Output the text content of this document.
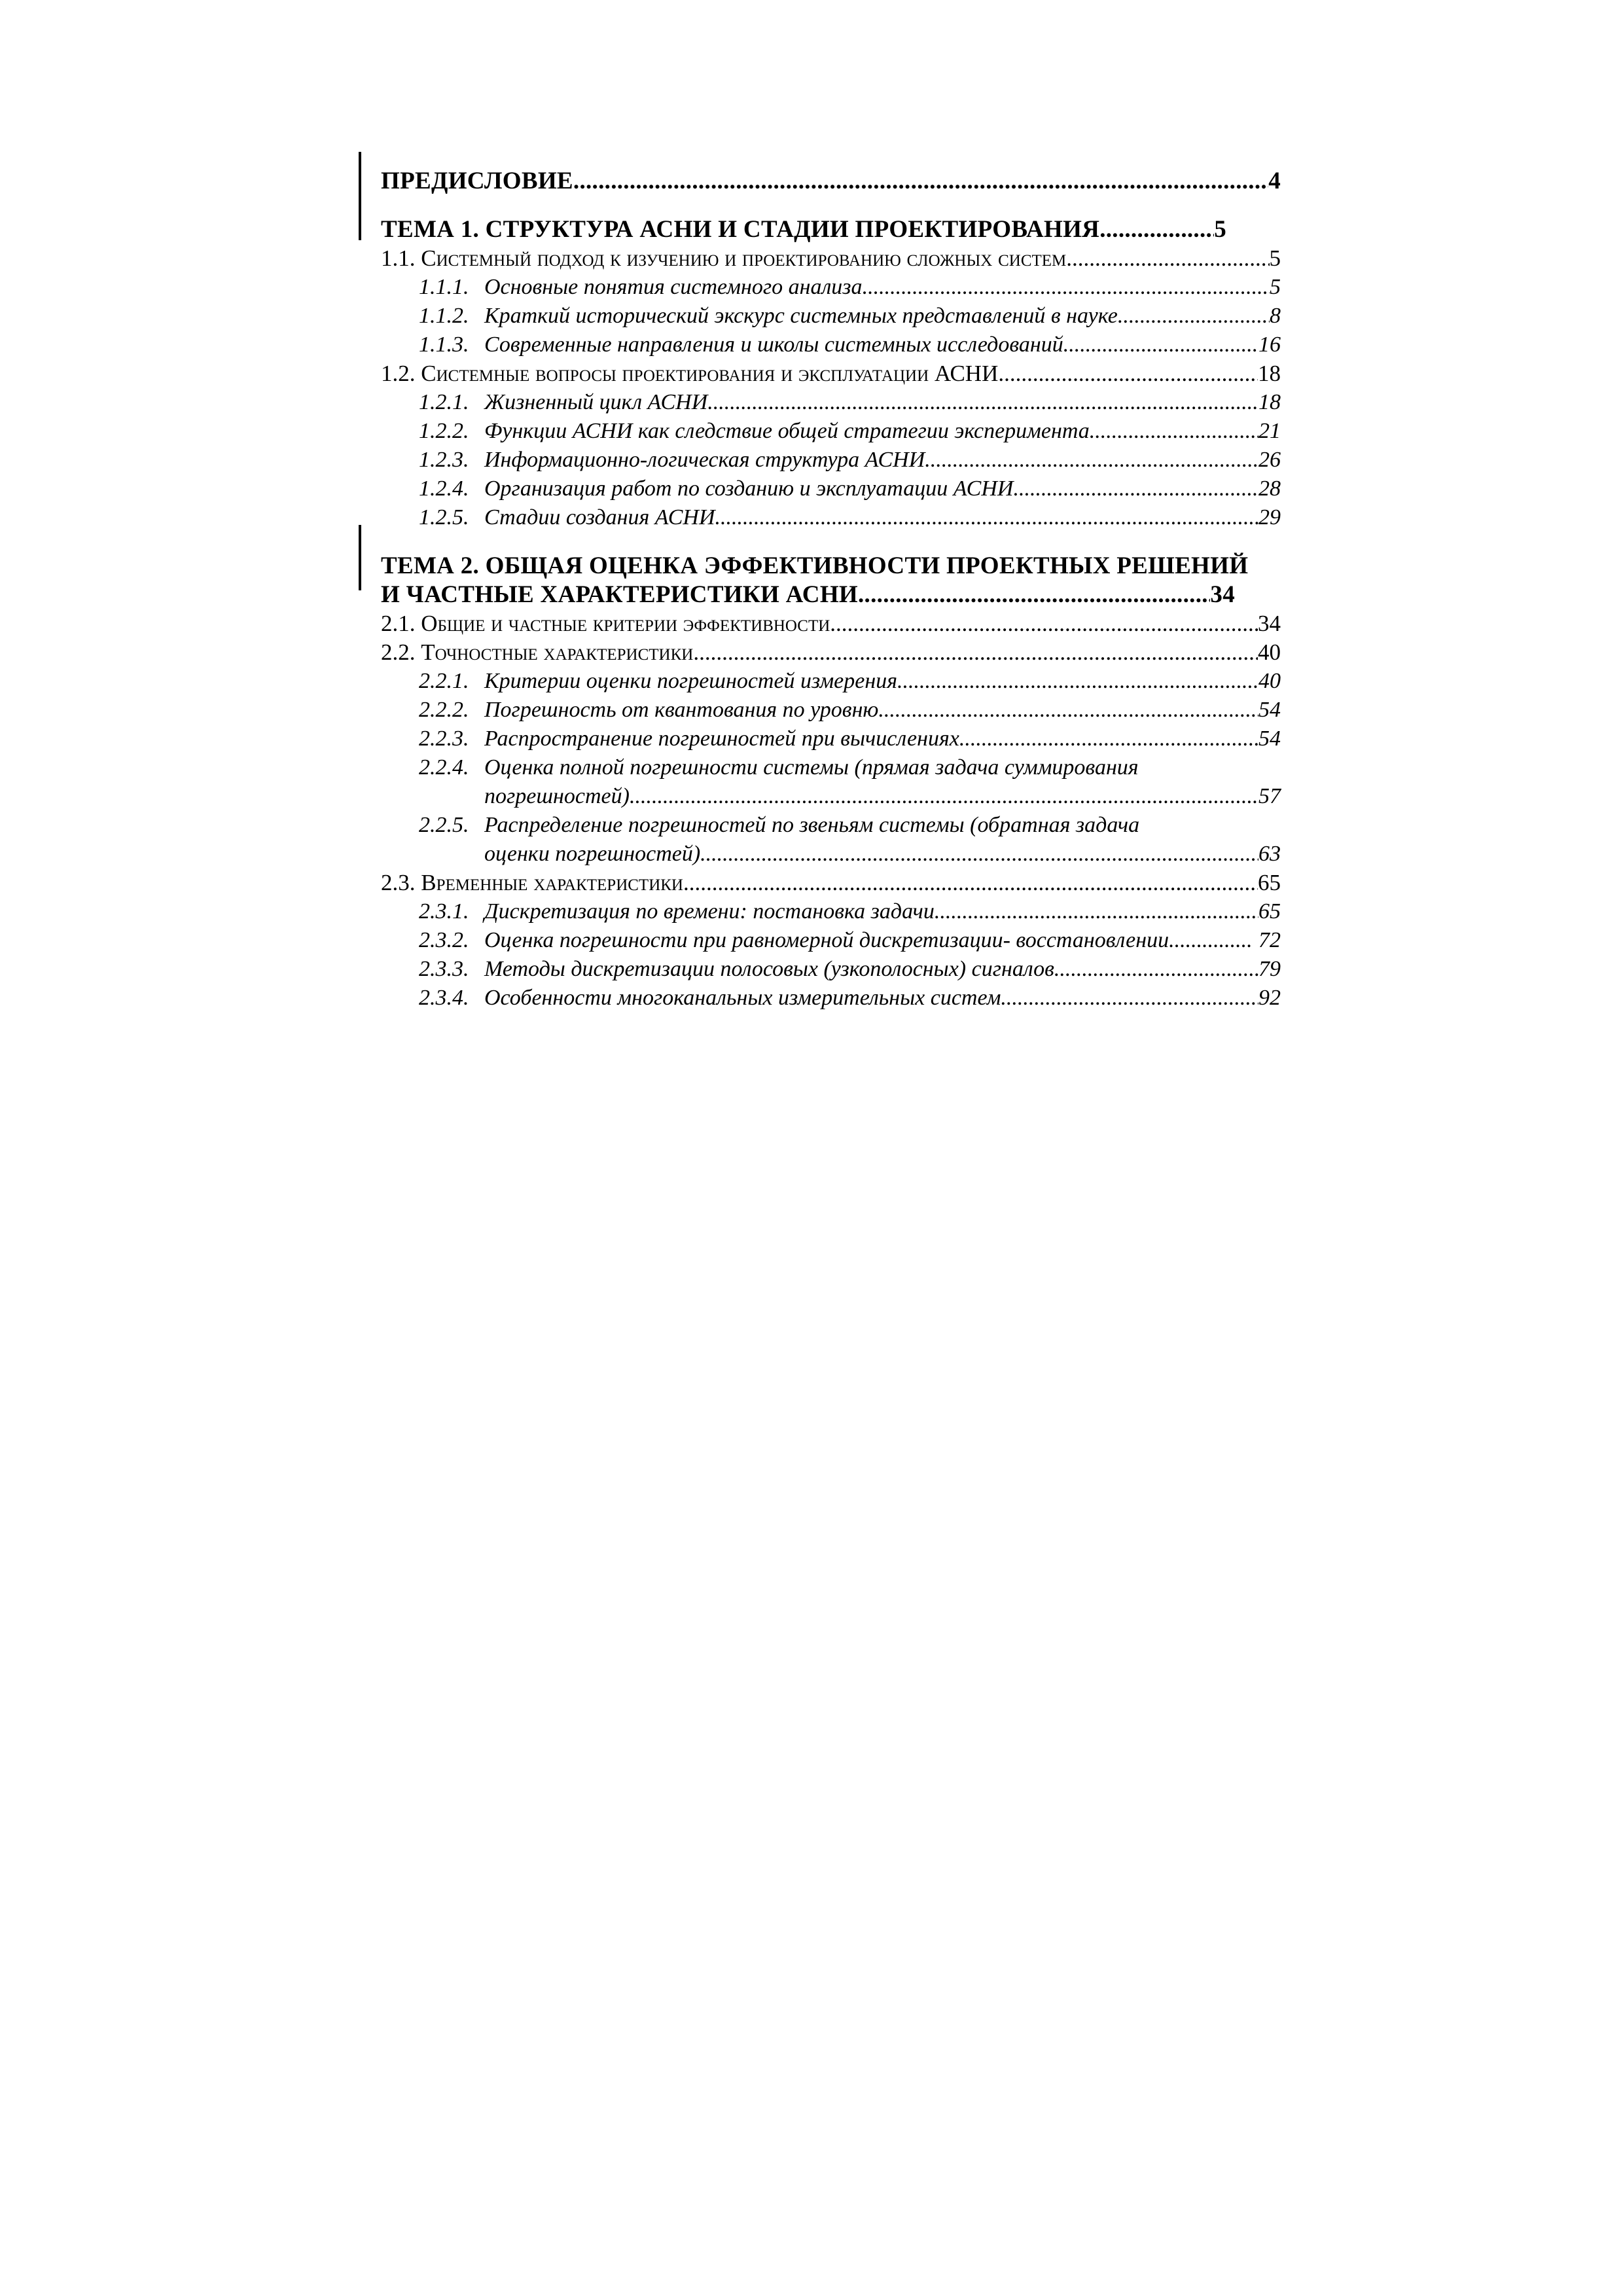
ПРЕДИСЛОВИЕ .....	4
ТЕМА 1. СТРУКТУРА АСНИ И СТАДИИ ПРОЕКТИРОВАНИЯ .....	5
1.1. Системный подход к изучению и проектированию сложных систем .....	5
1.1.1. Основные понятия системного анализа .....	5
1.1.2. Краткий исторический экскурс системных представлений в науке .....	8
1.1.3. Современные направления и школы системных исследований .....	16
1.2. Системные вопросы проектирования и эксплуатации АСНИ .....	18
1.2.1. Жизненный цикл АСНИ .....	18
1.2.2. Функции АСНИ как следствие общей стратегии эксперимента .....	21
1.2.3. Информационно-логическая структура АСНИ .....	26
1.2.4. Организация работ по созданию и эксплуатации АСНИ .....	28
1.2.5. Стадии создания АСНИ .....	29
ТЕМА 2. ОБЩАЯ ОЦЕНКА ЭФФЕКТИВНОСТИ ПРОЕКТНЫХ РЕШЕНИЙ
И ЧАСТНЫЕ ХАРАКТЕРИСТИКИ АСНИ .....	34
2.1. Общие и частные критерии эффективности .....	34
2.2. Точностные характеристики .....	40
2.2.1. Критерии оценки погрешностей измерения .....	40
2.2.2. Погрешность от квантования по уровню .....	54
2.2.3. Распространение погрешностей при вычислениях .....	54
2.2.4. Оценка полной погрешности системы (прямая задача суммирования
погрешностей) .....	57
2.2.5. Распределение погрешностей по звеньям системы (обратная задача
оценки погрешностей) .....	63
2.3. Временные характеристики .....	65
2.3.1. Дискретизация по времени: постановка задачи .....	65
2.3.2. Оценка погрешности при равномерной дискретизации- восстановлении .....	72
2.3.3. Методы дискретизации полосовых (узкополосных) сигналов .....	79
2.3.4. Особенности многоканальных измерительных систем .....	92
